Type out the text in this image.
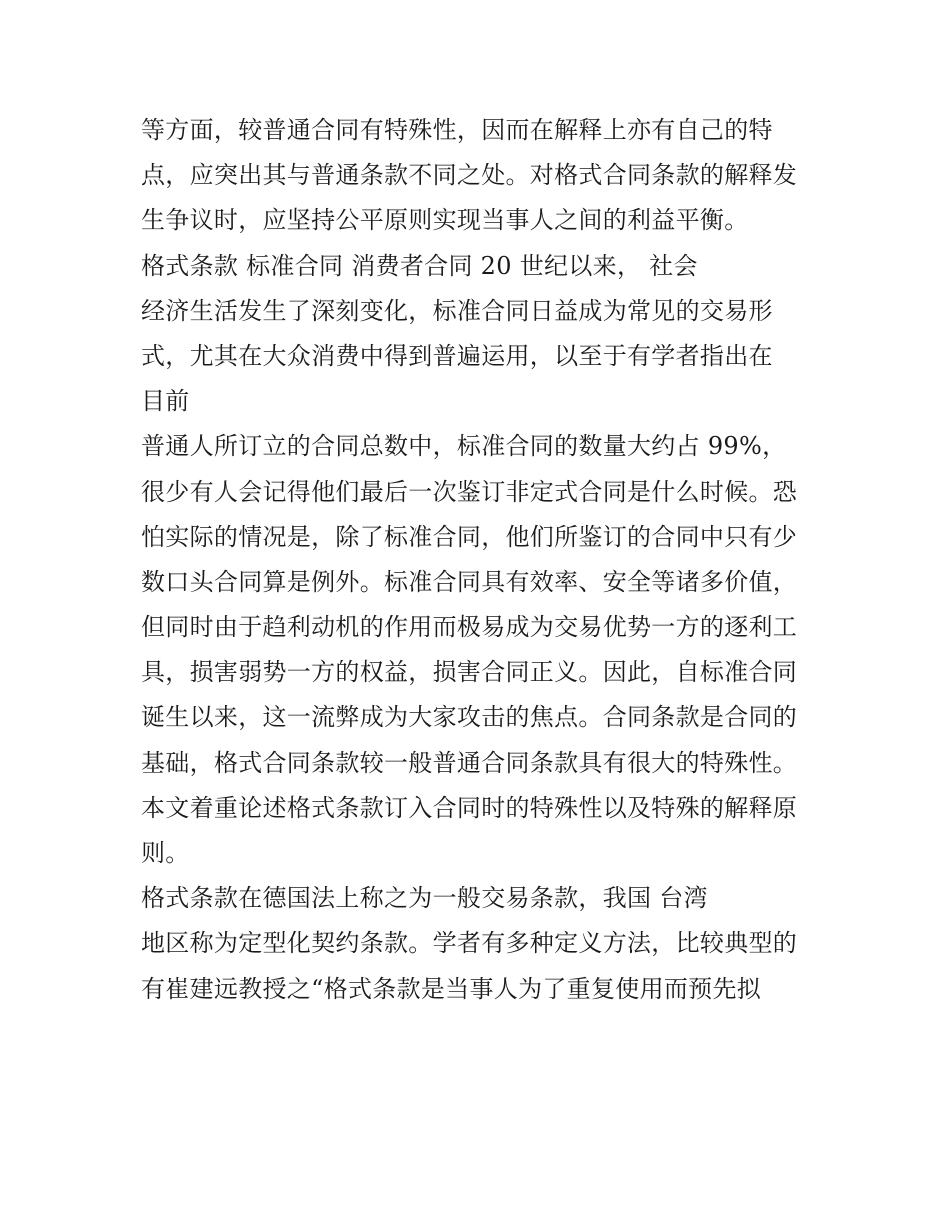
等方面，较普通合同有特殊性，因而在解释上亦有自己的特
点，应突出其与普通条款不同之处。对格式合同条款的解释发
生争议时，应坚持公平原则实现当事人之间的利益平衡。
格式条款 标准合同 消费者合同 20 世纪以来， 社会
经济生活发生了深刻变化，标准合同日益成为常见的交易形
式，尤其在大众消费中得到普遍运用，以至于有学者指出在
目前
普通人所订立的合同总数中，标准合同的数量大约占 99%，
很少有人会记得他们最后一次鉴订非定式合同是什么时候。恐
怕实际的情况是，除了标准合同，他们所鉴订的合同中只有少
数口头合同算是例外。标准合同具有效率、安全等诸多价值，
但同时由于趋利动机的作用而极易成为交易优势一方的逐利工
具，损害弱势一方的权益，损害合同正义。因此，自标准合同
诞生以来，这一流弊成为大家攻击的焦点。合同条款是合同的
基础，格式合同条款较一般普通合同条款具有很大的特殊性。
本文着重论述格式条款订入合同时的特殊性以及特殊的解释原
则。
格式条款在德国法上称之为一般交易条款，我国 台湾
地区称为定型化契约条款。学者有多种定义方法，比较典型的
有崔建远教授之“格式条款是当事人为了重复使用而预先拟
